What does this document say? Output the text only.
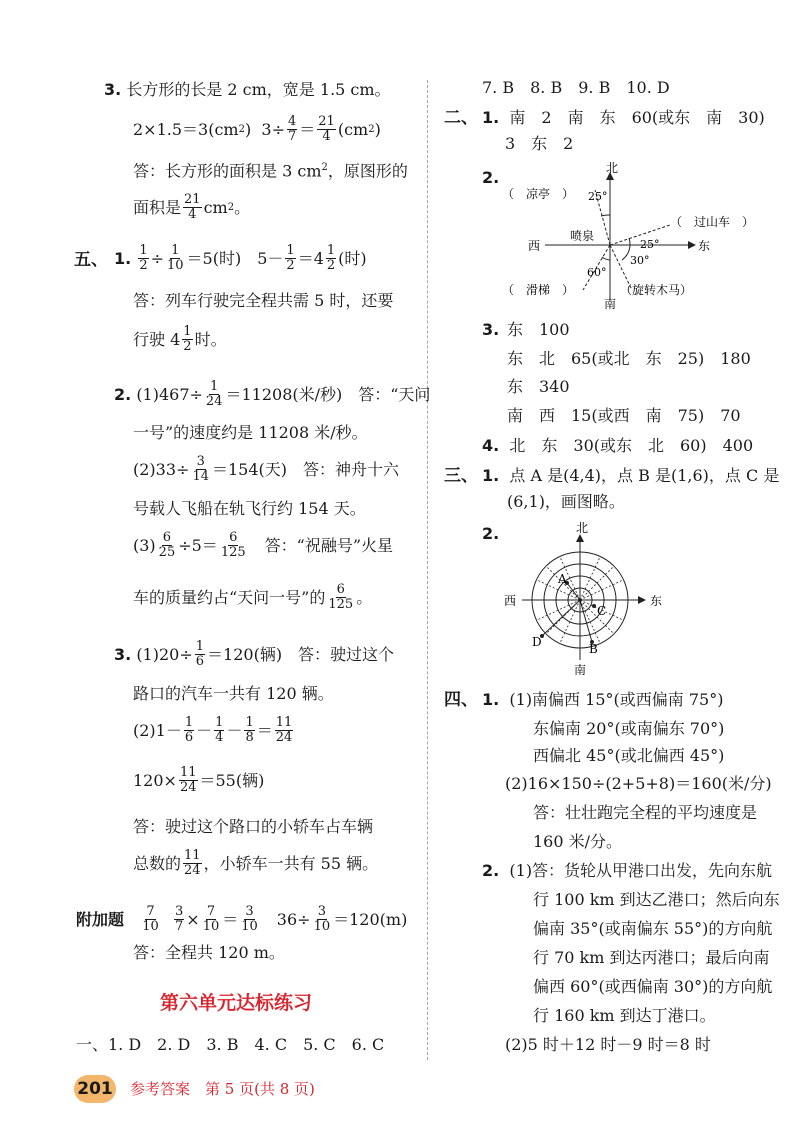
3. 长方形的长是 2 cm，宽是 1.5 cm。
2×1.5＝3(cm 2 )
$3\div \frac{4}{7} = \frac{21}{4} (cm$ 2 )
答：长方形的面积是 3 $cm^2$，原图形的
面积是 $\frac{21}{4}$ cm 2 。
五、 1.
$\frac{1}{2} \div \frac{1}{10} =5$(时)　$5- \frac{1}{2} =4 \frac{1}{2}$ (时)
答：列车行驶完全程共需 5 时，还要
行驶 $4 \frac{1}{2}$ 时。
2.
$(1)467\div \frac{1}{24} =11208$(米/秒)　答：“天问
一号”的速度约是 11208 米/秒。
$(2)33\div \frac{3}{14} =154$(天)　答：神舟十六
号载人飞船在轨飞行约 154 天。
$(3) \frac{6}{25} \div 5= \frac{6}{125}$ 　答：“祝融号”火星
车的质量约占“天问一号”的 $\frac{6}{125}$ 。
3.
$(1)20\div \frac{1}{6} =120$(辆)　答：驶过这个
路口的汽车一共有 120 辆。
$(2)1- \frac{1}{6} - \frac{1}{4} - \frac{1}{8} = \frac{11}{24}$
$120\times \frac{11}{24} =55$(辆)
答：驶过这个路口的小轿车占车辆
总数的 $\frac{11}{24}$ ，小轿车一共有 55 辆。
附加题
$\frac{7}{10}$
$\frac{3}{7} \times \frac{7}{10} = \frac{3}{10}$ 　$36\div \frac{3}{10} =120(m)$
答：全程共 120 m。
第六单元达标练习
一、1. D　2. D　3. B　4. C　5. C　6. C
7. B　8. B　9. B　10. D
二、 1. 南　2　南　东　60(或东　南　30)
3　东　2
2.	北
南
东
西
（　凉亭　）
喷泉
（　过山车　）
（　滑梯　）	（旋转木马）
25°
25°
30°
60°
3. 东　100
东　北　65(或北　东　25)　180
东　340
南　西　15(或西　南　75)　70
4. 北　东　30(或东　北　60)　400
三、 1. 点 A 是(4,4)，点 B 是(1,6)，点 C 是
(6,1)，画图略。
2.	北
南
东
西
A
B
C
D
四、 1. (1)南偏西 15°(或西偏南 75°)
东偏南 20°(或南偏东 70°)
西偏北 45°(或北偏西 45°)
(2)16×150÷(2+5+8)＝160(米/分)
答：壮壮跑完全程的平均速度是
160 米/分。
2. (1)答：货轮从甲港口出发，先向东航
行 100 km 到达乙港口；然后向东
偏南 35°(或南偏东 55°)的方向航
行 70 km 到达丙港口；最后向南
偏西 60°(或西偏南 30°)的方向航
行 160 km 到达丁港口。
(2)5 时＋12 时－9 时＝8 时
201 参考答案　第 5 页(共 8 页)
